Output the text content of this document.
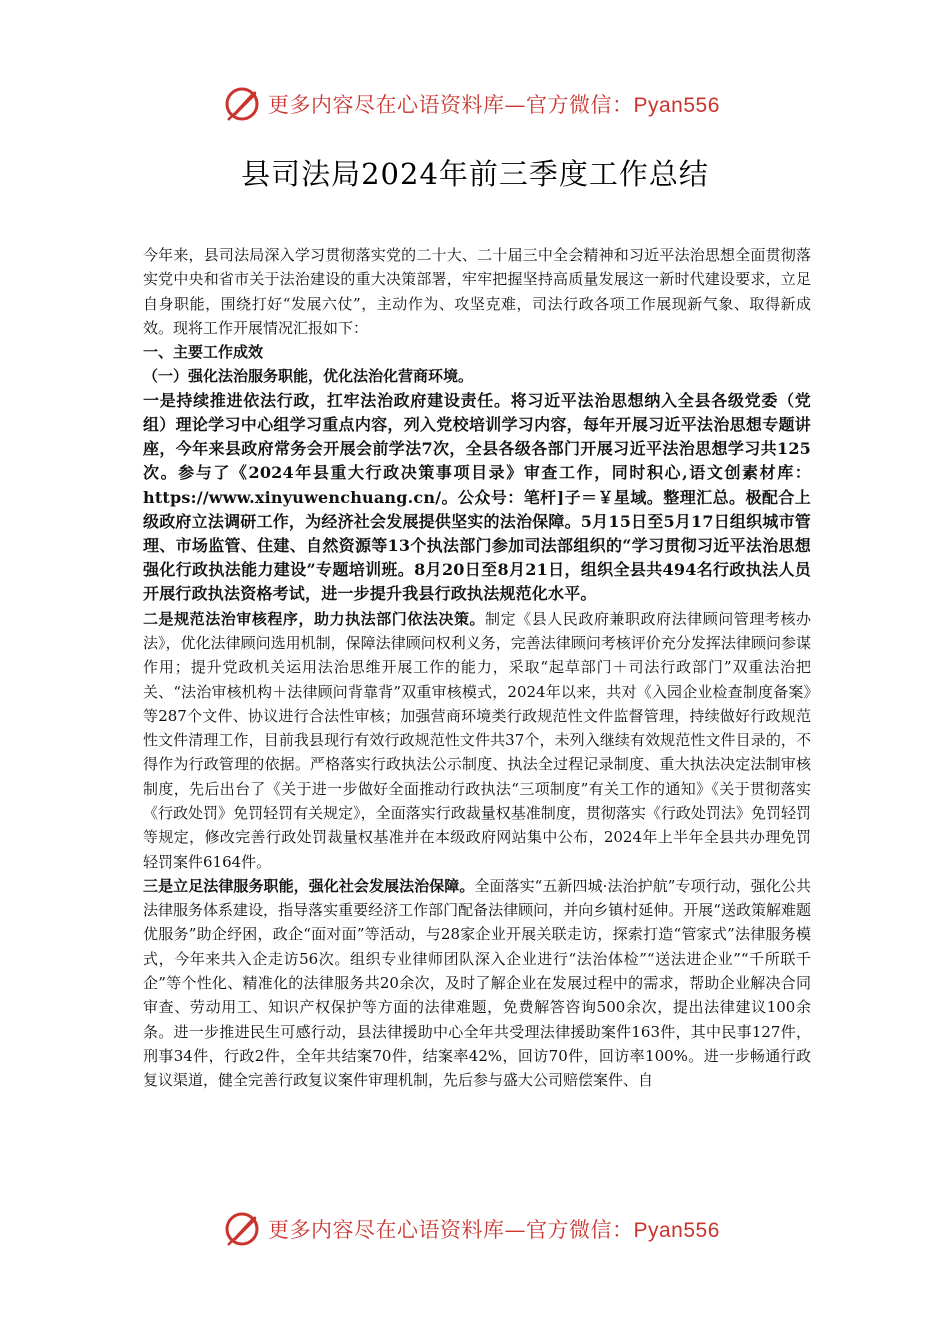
更多内容尽在心语资料库—官方微信：Pyan556
县司法局2024年前三季度工作总结

今年来，县司法局深入学习贯彻落实党的二十大、二十届三中全会精神和习近平法治思想全面贯彻落实党中央和省市关于法治建设的重大决策部署，牢牢把握坚持高质量发展这一新时代建设要求，立足自身职能，围绕打好“发展六仗”，主动作为、攻坚克难，司法行政各项工作展现新气象、取得新成效。现将工作开展情况汇报如下：

一、主要工作成效

（一）强化法治服务职能，优化法治化营商环境。

一是持续推进依法行政，扛牢法治政府建设责任。将习近平法治思想纳入全县各级党委（党组）理论学习中心组学习重点内容，列入党校培训学习内容，每年开展习近平法治思想专题讲座，今年来县政府常务会开展会前学法7次，全县各级各部门开展习近平法治思想学习共125次。参与了《2024年县重大行政决策事项目录》审查工作，同时积心,语文创素材库：https://www.xinyuwenchuang.cn/。公众号：笔杆]子＝￥星域。整理汇总。极配合上级政府立法调研工作，为经济社会发展提供坚实的法治保障。5月15日至5月17日组织城市管理、市场监管、住建、自然资源等13个执法部门参加司法部组织的“学习贯彻习近平法治思想 强化行政执法能力建设”专题培训班。8月20日至8月21日，组织全县共494名行政执法人员开展行政执法资格考试，进一步提升我县行政执法规范化水平。

二是规范法治审核程序，助力执法部门依法决策。制定《县人民政府兼职政府法律顾问管理考核办法》，优化法律顾问选用机制，保障法律顾问权利义务，完善法律顾问考核评价充分发挥法律顾问参谋作用；提升党政机关运用法治思维开展工作的能力，采取“起草部门＋司法行政部门”双重法治把关、“法治审核机构＋法律顾问背靠背”双重审核模式，2024年以来，共对《入园企业检查制度备案》等287个文件、协议进行合法性审核；加强营商环境类行政规范性文件监督管理，持续做好行政规范性文件清理工作，目前我县现行有效行政规范性文件共37个，未列入继续有效规范性文件目录的，不得作为行政管理的依据。严格落实行政执法公示制度、执法全过程记录制度、重大执法决定法制审核制度，先后出台了《关于进一步做好全面推动行政执法“三项制度”有关工作的通知》《关于贯彻落实《行政处罚》免罚轻罚有关规定》，全面落实行政裁量权基准制度，贯彻落实《行政处罚法》免罚轻罚等规定，修改完善行政处罚裁量权基准并在本级政府网站集中公布，2024年上半年全县共办理免罚轻罚案件6164件。

三是立足法律服务职能，强化社会发展法治保障。全面落实“五新四城·法治护航”专项行动，强化公共法律服务体系建设，指导落实重要经济工作部门配备法律顾问，并向乡镇村延伸。开展“送政策解难题优服务”助企纾困，政企“面对面”等活动，与28家企业开展关联走访，探索打造“管家式”法律服务模式，今年来共入企走访56次。组织专业律师团队深入企业进行“法治体检”“送法进企业”“千所联千企”等个性化、精准化的法律服务共20余次，及时了解企业在发展过程中的需求，帮助企业解决合同审查、劳动用工、知识产权保护等方面的法律难题，免费解答咨询500余次，提出法律建议100余条。进一步推进民生可感行动，县法律援助中心全年共受理法律援助案件163件，其中民事127件，刑事34件，行政2件，全年共结案70件，结案率42%，回访70件，回访率100%。进一步畅通行政复议渠道，健全完善行政复议案件审理机制，先后参与盛大公司赔偿案件、自

更多内容尽在心语资料库—官方微信：Pyan556
